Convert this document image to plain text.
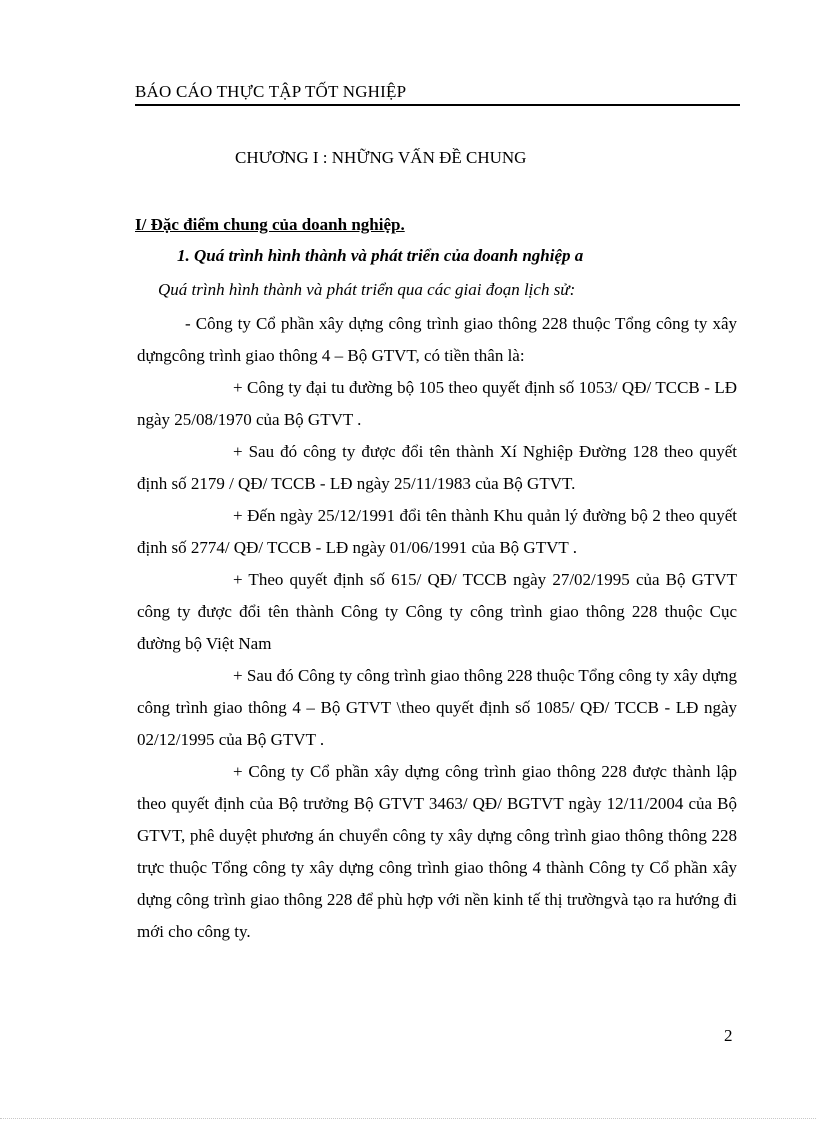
BÁO CÁO THỰC TẬP TỐT NGHIỆP
CHƯƠNG I : NHỮNG VẤN ĐỀ CHUNG
I/ Đặc điểm chung của doanh nghiệp.
1. Quá trình hình thành và phát triển của doanh nghiệp a
Quá trình hình thành và phát triển qua các giai đoạn lịch sử:

- Công ty Cổ phần xây dựng công trình giao thông 228 thuộc Tổng công ty xây dựngcông trình giao thông 4 – Bộ GTVT, có tiền thân là:

+ Công ty đại tu đường bộ 105 theo quyết định số 1053/ QĐ/ TCCB - LĐ ngày 25/08/1970 của Bộ GTVT .

+ Sau đó công ty được đổi tên thành Xí Nghiệp Đường 128 theo quyết định số 2179 / QĐ/ TCCB - LĐ ngày 25/11/1983 của Bộ GTVT.

+ Đến ngày 25/12/1991 đổi tên thành Khu quản lý đường bộ 2 theo quyết định số 2774/ QĐ/ TCCB - LĐ ngày 01/06/1991 của Bộ GTVT .

+ Theo quyết định số 615/ QĐ/ TCCB ngày 27/02/1995 của Bộ GTVT công ty được đổi tên thành Công ty Công ty công trình giao thông 228 thuộc Cục đường bộ Việt Nam

+ Sau đó Công ty công trình giao thông 228 thuộc Tổng công ty xây dựng công trình giao thông 4 – Bộ GTVT \theo quyết định số 1085/ QĐ/ TCCB - LĐ ngày 02/12/1995 của Bộ GTVT .

+ Công ty Cổ phần xây dựng công trình giao thông 228 được thành lập theo quyết định của Bộ trưởng Bộ GTVT 3463/ QĐ/ BGTVT ngày 12/11/2004 của Bộ GTVT, phê duyệt phương án chuyển công ty xây dựng công trình giao thông thông 228 trực thuộc Tổng công ty xây dựng công trình giao thông 4 thành Công ty Cổ phần xây dựng công trình giao thông 228 để phù hợp với nền kinh tế thị trườngvà tạo ra hướng đi mới cho công ty.

2
